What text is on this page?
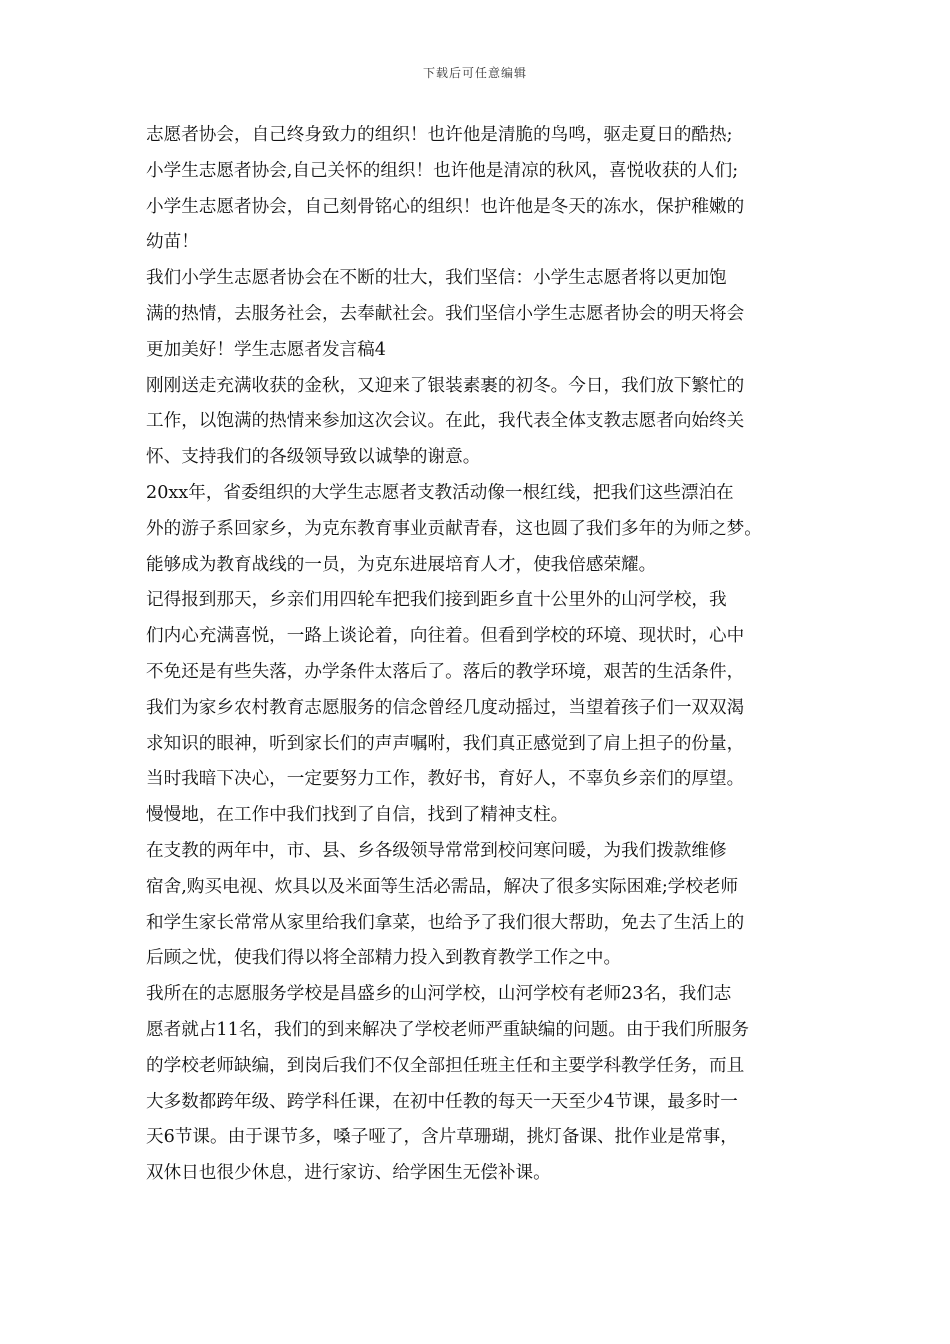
下载后可任意编辑
志愿者协会，自己终身致力的组织！也许他是清脆的鸟鸣，驱走夏日的酷热;
小学生志愿者协会,自己关怀的组织！也许他是清凉的秋风，喜悦收获的人们;
小学生志愿者协会，自己刻骨铭心的组织！也许他是冬天的冻水，保护稚嫩的
幼苗！
我们小学生志愿者协会在不断的壮大，我们坚信：小学生志愿者将以更加饱
满的热情，去服务社会，去奉献社会。我们坚信小学生志愿者协会的明天将会
更加美好！学生志愿者发言稿4
刚刚送走充满收获的金秋，又迎来了银装素裹的初冬。今日，我们放下繁忙的
工作，以饱满的热情来参加这次会议。在此，我代表全体支教志愿者向始终关
怀、支持我们的各级领导致以诚挚的谢意。
20xx年，省委组织的大学生志愿者支教活动像一根红线，把我们这些漂泊在
外的游子系回家乡，为克东教育事业贡献青春，这也圆了我们多年的为师之梦。
能够成为教育战线的一员，为克东进展培育人才，使我倍感荣耀。
记得报到那天，乡亲们用四轮车把我们接到距乡直十公里外的山河学校，我
们内心充满喜悦，一路上谈论着，向往着。但看到学校的环境、现状时，心中
不免还是有些失落，办学条件太落后了。落后的教学环境，艰苦的生活条件，
我们为家乡农村教育志愿服务的信念曾经几度动摇过，当望着孩子们一双双渴
求知识的眼神，听到家长们的声声嘱咐，我们真正感觉到了肩上担子的份量，
当时我暗下决心，一定要努力工作，教好书，育好人，不辜负乡亲们的厚望。
慢慢地，在工作中我们找到了自信，找到了精神支柱。
在支教的两年中，市、县、乡各级领导常常到校问寒问暖，为我们拨款维修
宿舍,购买电视、炊具以及米面等生活必需品，解决了很多实际困难;学校老师
和学生家长常常从家里给我们拿菜，也给予了我们很大帮助，免去了生活上的
后顾之忧，使我们得以将全部精力投入到教育教学工作之中。
我所在的志愿服务学校是昌盛乡的山河学校，山河学校有老师23名，我们志
愿者就占11名，我们的到来解决了学校老师严重缺编的问题。由于我们所服务
的学校老师缺编，到岗后我们不仅全部担任班主任和主要学科教学任务，而且
大多数都跨年级、跨学科任课，在初中任教的每天一天至少4节课，最多时一
天6节课。由于课节多，嗓子哑了，含片草珊瑚，挑灯备课、批作业是常事，
双休日也很少休息，进行家访、给学困生无偿补课。
